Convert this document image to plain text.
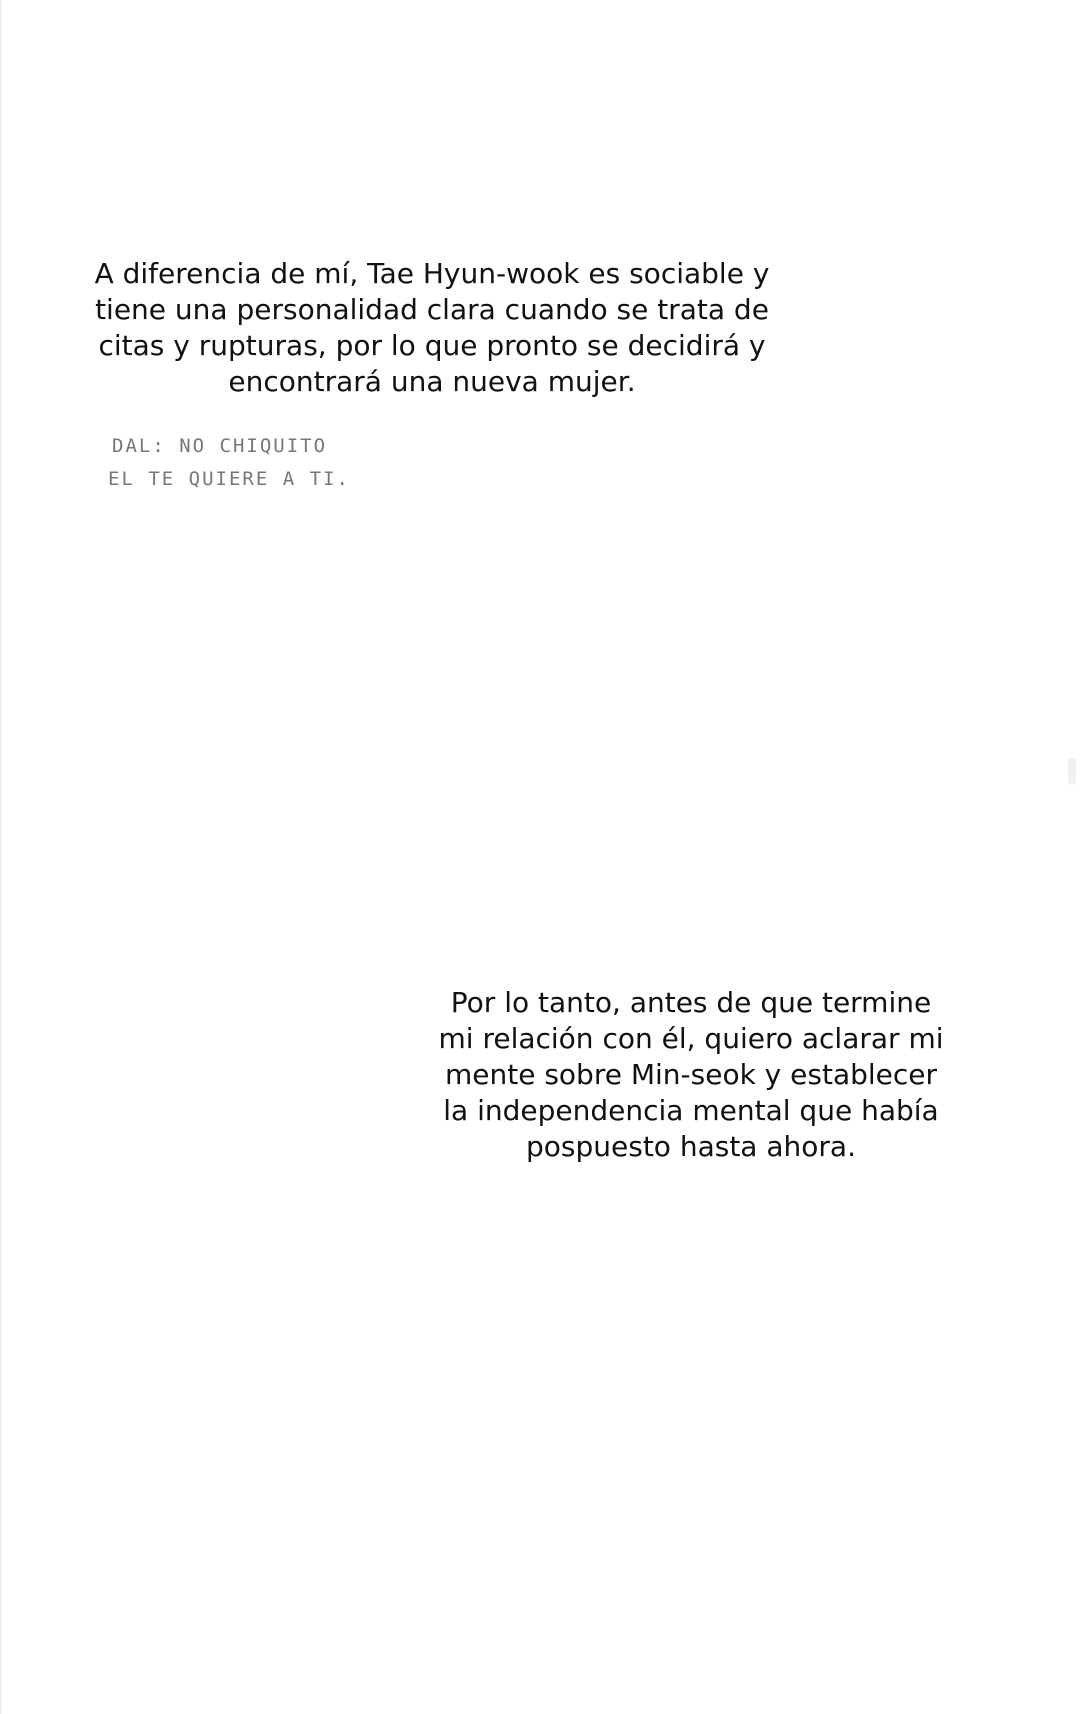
A diferencia de mí, Tae Hyun-wook es sociable y
tiene una personalidad clara cuando se trata de
citas y rupturas, por lo que pronto se decidirá y
encontrará una nueva mujer.
DAL: NO CHIQUITO
EL TE QUIERE A TI.
Por lo tanto, antes de que termine
mi relación con él, quiero aclarar mi
mente sobre Min-seok y establecer
la independencia mental que había
pospuesto hasta ahora.
